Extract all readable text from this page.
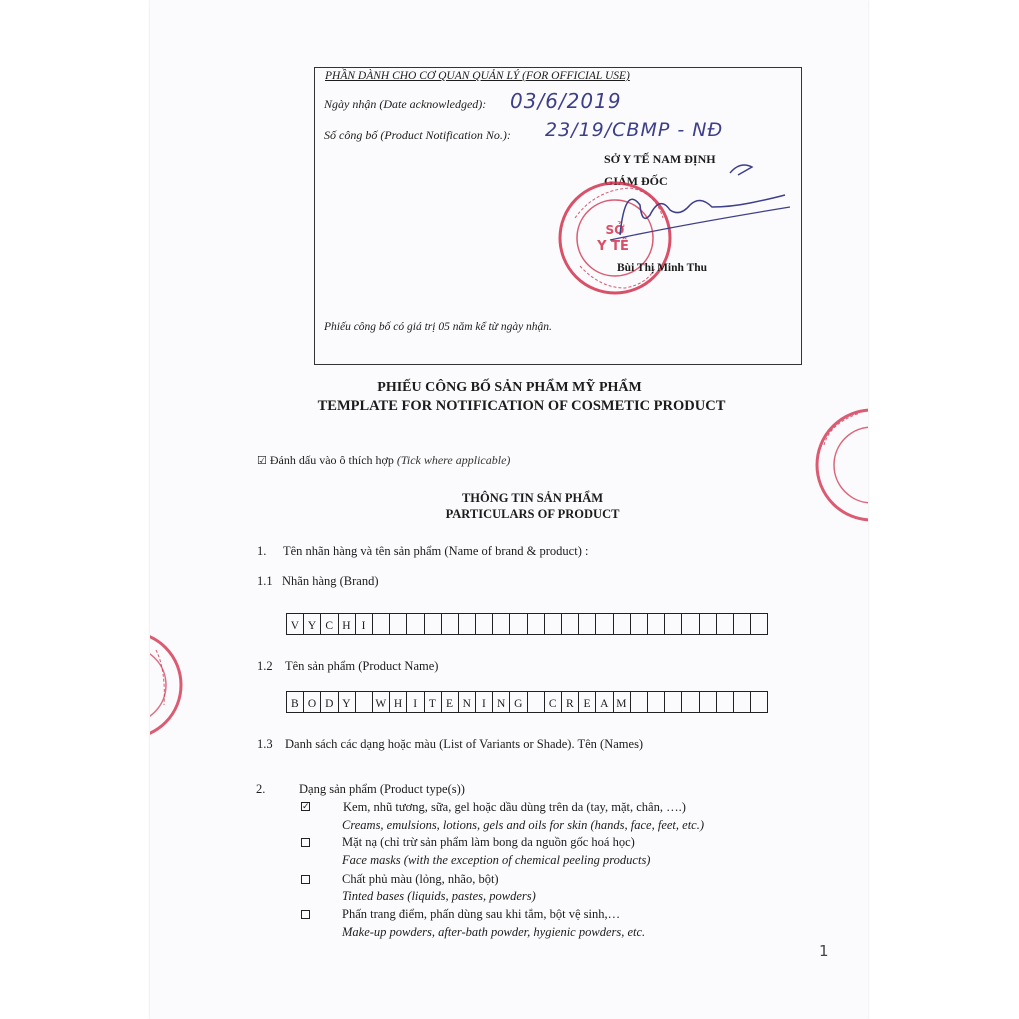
PHẦN DÀNH CHO CƠ QUAN QUẢN LÝ (FOR OFFICIAL USE)
Ngày nhận (Date acknowledged): 03/6/2019
Số công bố (Product Notification No.): 23/19/CBMP - NĐ
SỞ Y TẾ NAM ĐỊNH
GIÁM ĐỐC
SỞ
Y TẾ
Bùi Thị Minh Thu
Phiếu công bố có giá trị 05 năm kể từ ngày nhận.
PHIẾU CÔNG BỐ SẢN PHẨM MỸ PHẨM
TEMPLATE FOR NOTIFICATION OF COSMETIC PRODUCT
☑ Đánh dấu vào ô thích hợp (Tick where applicable)
THÔNG TIN SẢN PHẨM
PARTICULARS OF PRODUCT
1. Tên nhãn hàng và tên sản phẩm (Name of brand & product) :
1.1 Nhãn hàng (Brand)
V Y C H I
1.2 Tên sản phẩm (Product Name)
B O D Y	W H I T E N I N G	C R E A M
1.3 Danh sách các dạng hoặc màu (List of Variants or Shade). Tên (Names)
2.	Dạng sản phẩm (Product type(s))
✓	Kem, nhũ tương, sữa, gel hoặc dầu dùng trên da (tay, mặt, chân, ….)
Creams, emulsions, lotions, gels and oils for skin (hands, face, feet, etc.)
Mặt nạ (chỉ trừ sản phẩm làm bong da nguồn gốc hoá học)
Face masks (with the exception of chemical peeling products)
Chất phủ màu (lỏng, nhão, bột)
Tinted bases (liquids, pastes, powders)
Phấn trang điểm, phấn dùng sau khi tắm, bột vệ sinh,…
Make-up powders, after-bath powder, hygienic powders, etc.
1
